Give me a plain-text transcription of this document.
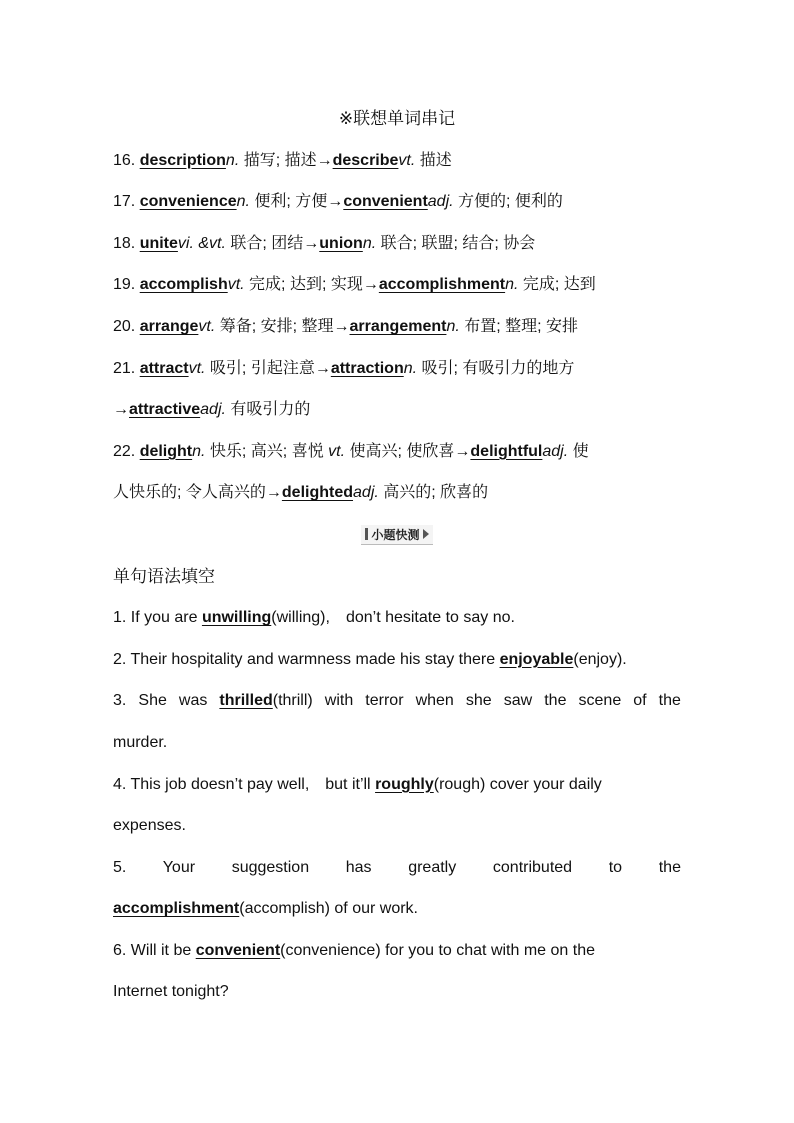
※联想单词串记
16. descriptionn. 描写; 描述→describevt. 描述
17. conveniencen. 便利; 方便→convenientadj. 方便的; 便利的
18. unitevi. &vt. 联合; 团结→unionn. 联合; 联盟; 结合; 协会
19. accomplishvt. 完成; 达到; 实现→accomplishmentn. 完成; 达到
20. arrangevt. 筹备; 安排; 整理→arrangementn. 布置; 整理; 安排
21. attractvt. 吸引; 引起注意→attractionn. 吸引; 有吸引力的地方
→attractiveadj. 有吸引力的
22. delightn. 快乐; 高兴; 喜悦 vt. 使高兴; 使欣喜→delightfuladj. 使
人快乐的; 令人高兴的→delightedadj. 高兴的; 欣喜的
小题快测
单句语法填空
1. If you are unwilling(willing),　don’t hesitate to say no.
2. Their hospitality and warmness made his stay there enjoyable(enjoy).
3. She was thrilled(thrill) with terror when she saw the scene of the
murder.
4. This job doesn’t pay well,　but it’ll roughly(rough) cover your daily
expenses.
5. Your suggestion has greatly contributed to the
accomplishment(accomplish) of our work.
6. Will it be convenient(convenience) for you to chat with me on the
Internet tonight?
